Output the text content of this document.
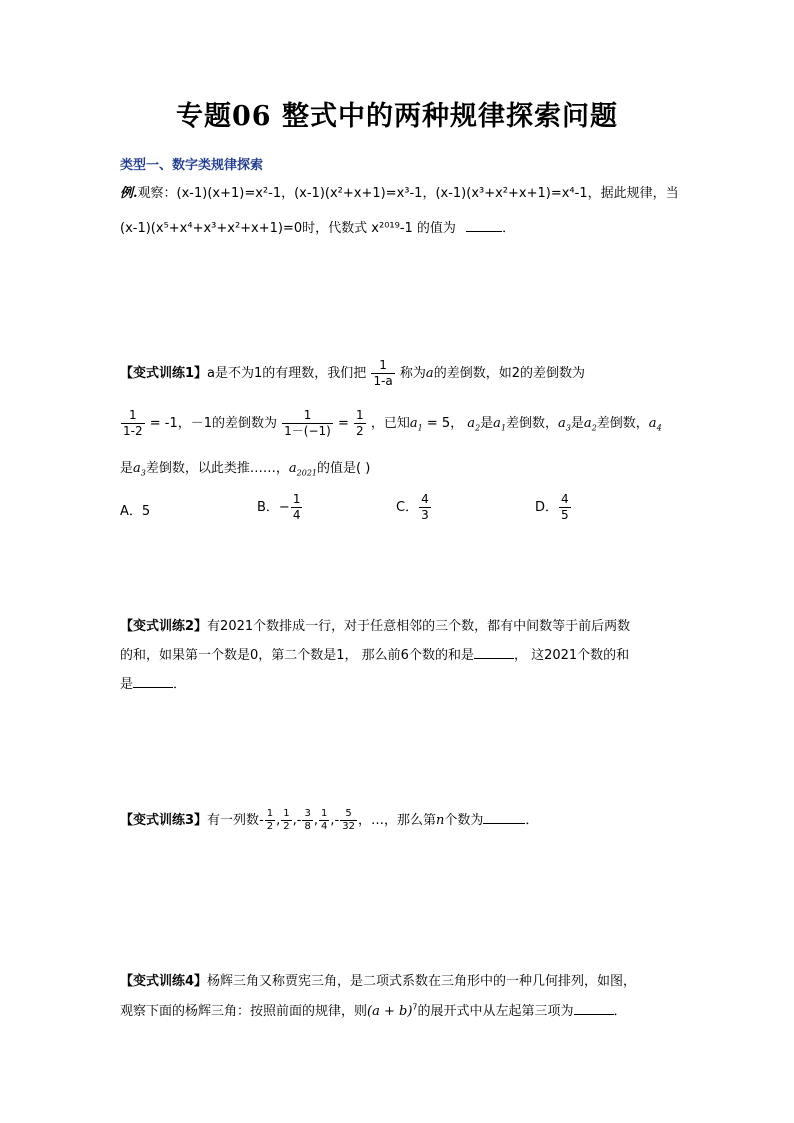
专题06 整式中的两种规律探索问题
类型一、数字类规律探索
例.观察：(x-1)(x+1)=x²-1，(x-1)(x²+x+1)=x³-1，(x-1)(x³+x²+x+1)=x⁴-1，据此规律，当
(x-1)(x⁵+x⁴+x³+x²+x+1)=0时，代数式 x²⁰¹⁹-1 的值为	．
【变式训练1】a是不为1的有理数，我们把 $\frac{1}{1-a}$ 称为a的差倒数，如2的差倒数为
$\frac{1}{1-2} = -1$，－1的差倒数为 $\frac{1}{1-(-1)} = \frac{1}{2}$ ，已知$a_1 = 5$， $a_2$是$a_1$差倒数，$a_3$是$a_2$差倒数，$a_4$
是$a_3$差倒数，以此类推……，$a_{2021}$的值是( )
A．5	B．− $\frac{1}{4}$	C． $\frac{4}{3}$	D． $\frac{4}{5}$
【变式训练2】有2021个数排成一行，对于任意相邻的三个数，都有中间数等于前后两数
的和，如果第一个数是0，第二个数是1， 那么前6个数的和是	， 这2021个数的和
是	．
【变式训练3】有一列数- $\frac{1}{2}$ , $\frac{1}{2}$ ,- $\frac{3}{8}$ , $\frac{1}{4}$ ,- $\frac{5}{32}$ ，…，那么第n个数为	．
【变式训练4】杨辉三角又称贾宪三角，是二项式系数在三角形中的一种几何排列，如图，
观察下面的杨辉三角：按照前面的规律，则$(a + b)^7$的展开式中从左起第三项为	．
